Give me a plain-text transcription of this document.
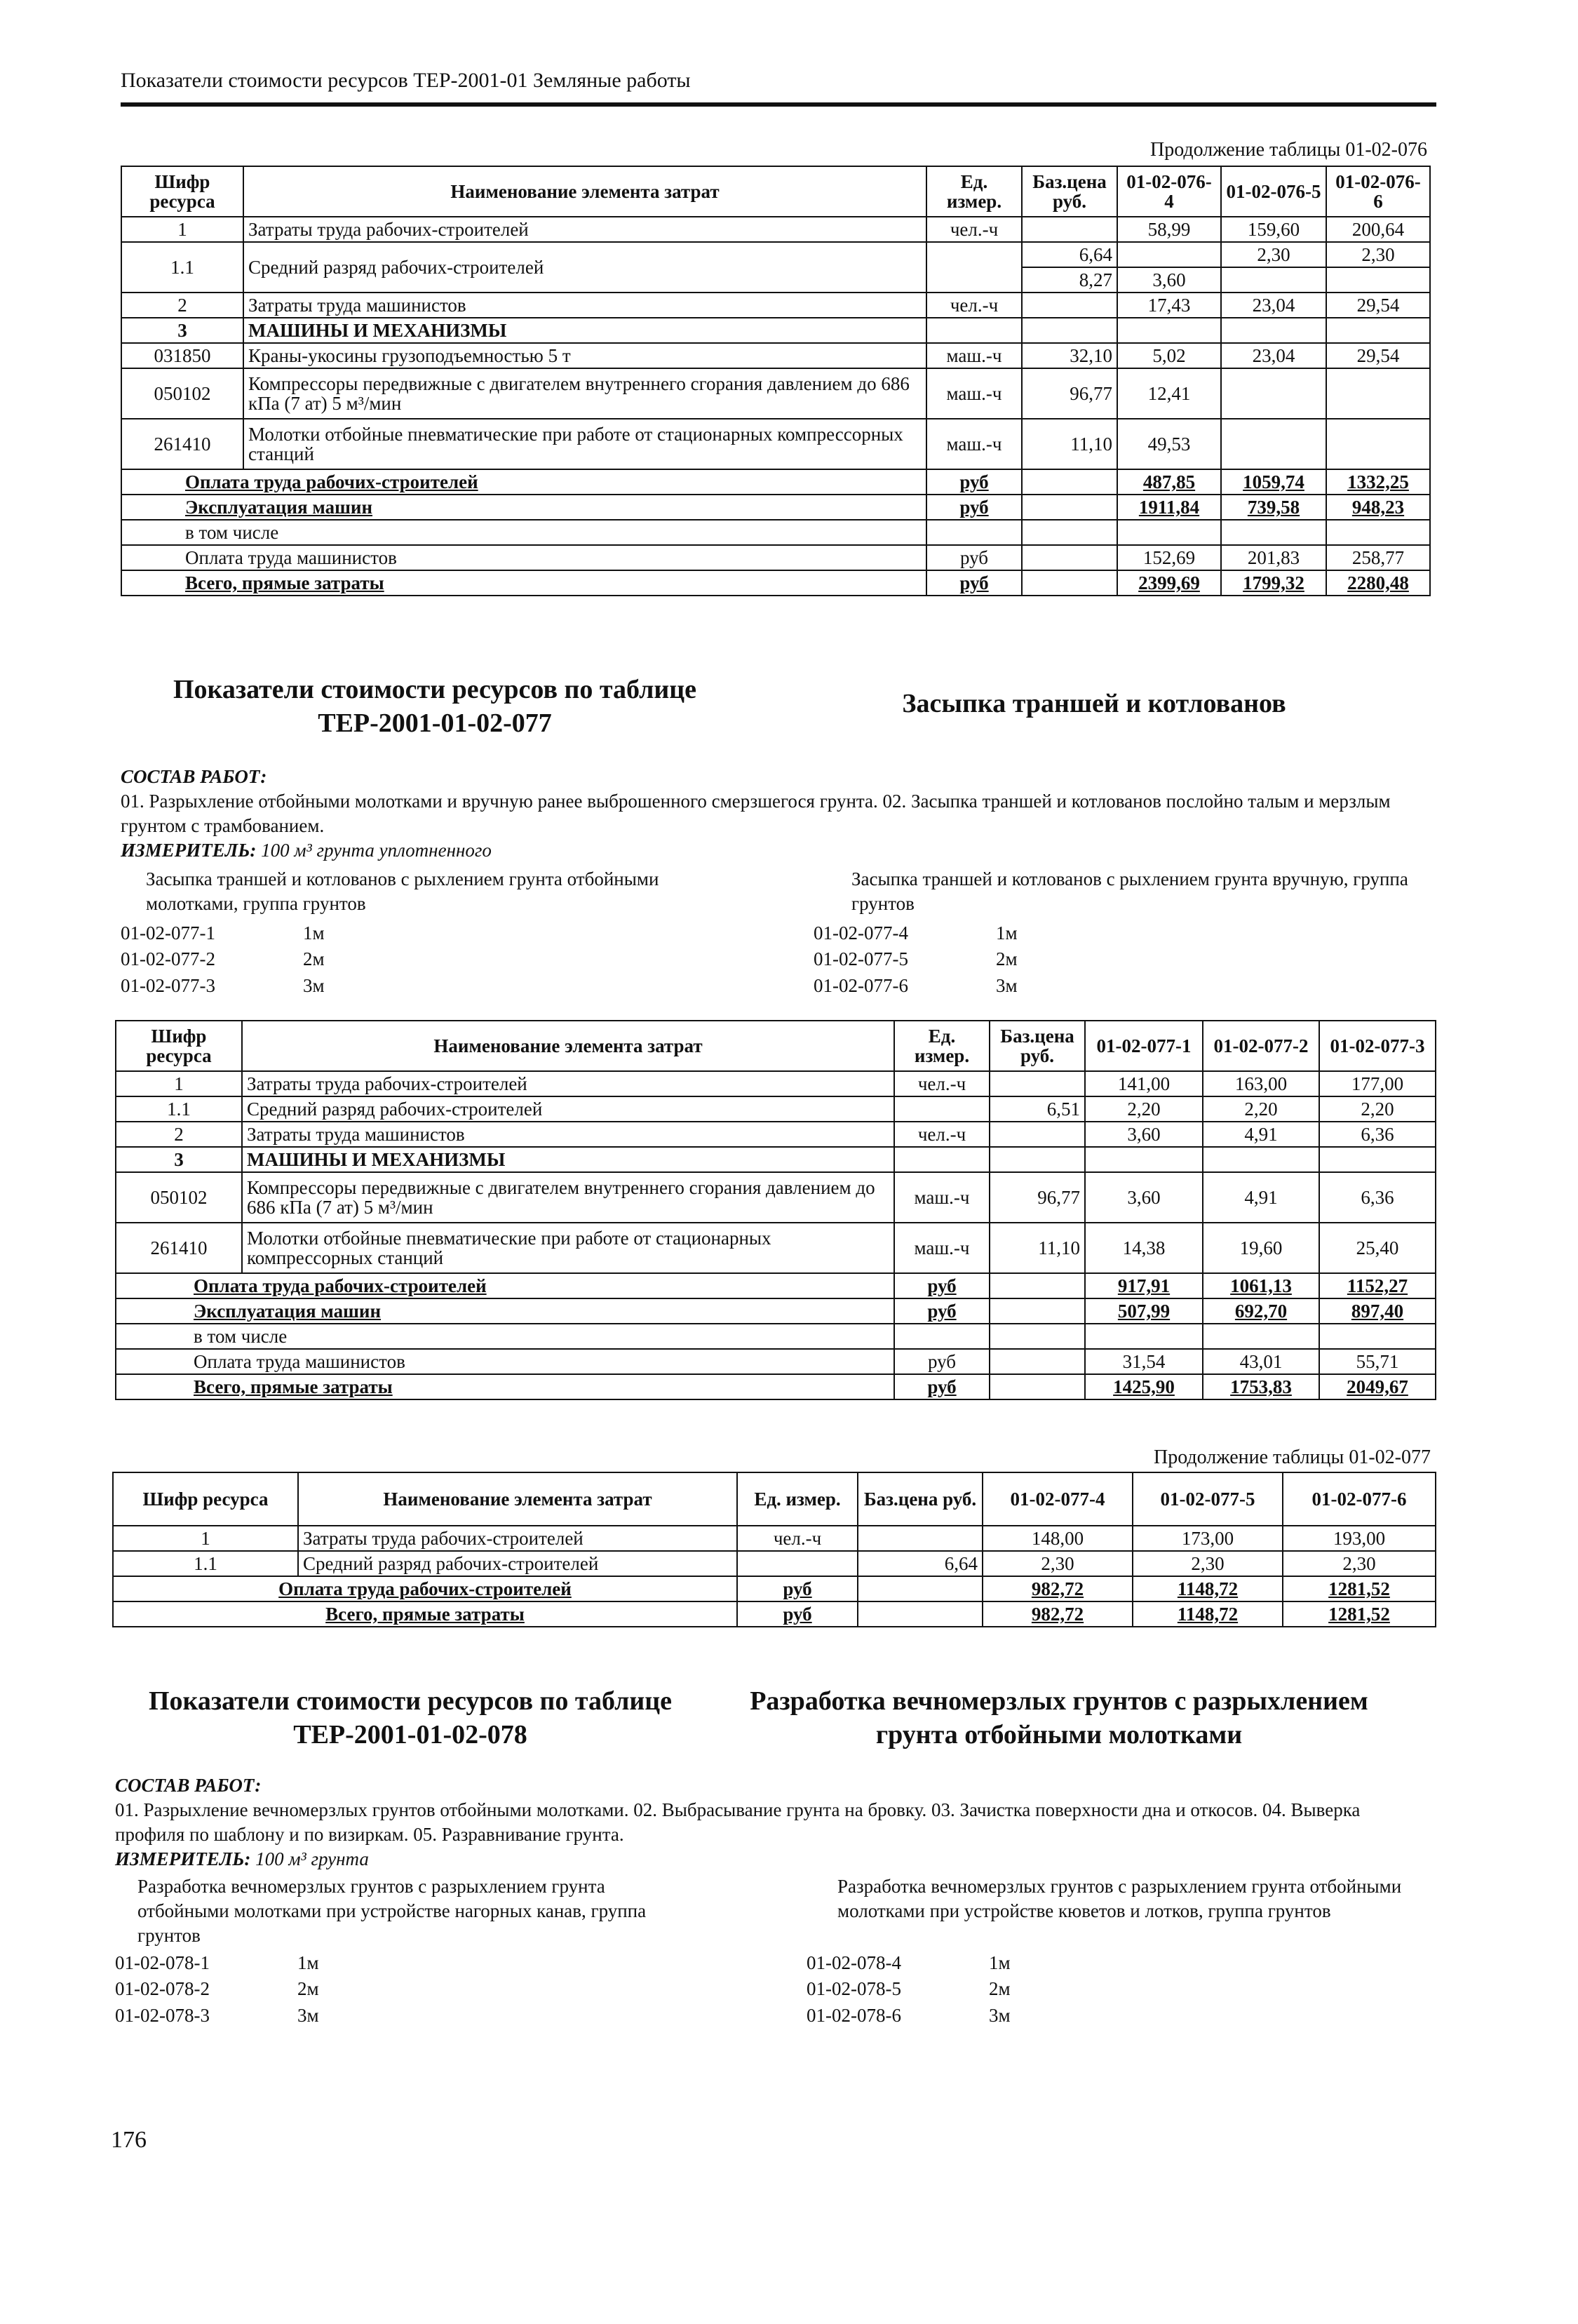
Показатели стоимости ресурсов ТЕР-2001-01 Земляные работы
Продолжение таблицы 01-02-076
Шифр ресурса	Наименование элемента затрат	Ед. измер.	Баз.цена руб.	01-02-076-4	01-02-076-5	01-02-076-6
1	Затраты труда рабочих-строителей	чел.-ч		58,99	159,60	200,64
1.1	Средний разряд рабочих-строителей		6,64		2,30	2,30
			8,27	3,60		
2	Затраты труда машинистов	чел.-ч		17,43	23,04	29,54
3	МАШИНЫ И МЕХАНИЗМЫ					
031850	Краны-укосины грузоподъемностью 5 т	маш.-ч	32,10	5,02	23,04	29,54
050102	Компрессоры передвижные с двигателем внутреннего сгорания давлением до 686 кПа (7 ат) 5 м³/мин	маш.-ч	96,77	12,41		
261410	Молотки отбойные пневматические при работе от стационарных компрессорных станций	маш.-ч	11,10	49,53		
Оплата труда рабочих-строителей		руб		487,85	1059,74	1332,25
Эксплуатация машин		руб		1911,84	739,58	948,23
в том числе						
Оплата труда машинистов		руб		152,69	201,83	258,77
Всего, прямые затраты		руб		2399,69	1799,32	2280,48
Показатели стоимости ресурсов по таблице ТЕР-2001-01-02-077
Засыпка траншей и котлованов
СОСТАВ РАБОТ:
01. Разрыхление отбойными молотками и вручную ранее выброшенного смерзшегося грунта. 02. Засыпка траншей и котлованов послойно талым и мерзлым грунтом с трамбованием.
ИЗМЕРИТЕЛЬ: 100 м³ грунта уплотненного
Засыпка траншей и котлованов с рыхлением грунта отбойными молотками, группа грунтов
Засыпка траншей и котлованов с рыхлением грунта вручную, группа грунтов
01-02-077-1	1м
01-02-077-2	2м
01-02-077-3	3м
01-02-077-4	1м
01-02-077-5	2м
01-02-077-6	3м
Шифр ресурса	Наименование элемента затрат	Ед. измер.	Баз.цена руб.	01-02-077-1	01-02-077-2	01-02-077-3
1	Затраты труда рабочих-строителей	чел.-ч		141,00	163,00	177,00
1.1	Средний разряд рабочих-строителей		6,51	2,20	2,20	2,20
2	Затраты труда машинистов	чел.-ч		3,60	4,91	6,36
3	МАШИНЫ И МЕХАНИЗМЫ					
050102	Компрессоры передвижные с двигателем внутреннего сгорания давлением до 686 кПа (7 ат) 5 м³/мин	маш.-ч	96,77	3,60	4,91	6,36
261410	Молотки отбойные пневматические при работе от стационарных компрессорных станций	маш.-ч	11,10	14,38	19,60	25,40
Оплата труда рабочих-строителей		руб		917,91	1061,13	1152,27
Эксплуатация машин		руб		507,99	692,70	897,40
в том числе						
Оплата труда машинистов		руб		31,54	43,01	55,71
Всего, прямые затраты		руб		1425,90	1753,83	2049,67
Продолжение таблицы 01-02-077
Шифр ресурса	Наименование элемента затрат	Ед. измер.	Баз.цена руб.	01-02-077-4	01-02-077-5	01-02-077-6
1	Затраты труда рабочих-строителей	чел.-ч		148,00	173,00	193,00
1.1	Средний разряд рабочих-строителей		6,64	2,30	2,30	2,30
Оплата труда рабочих-строителей		руб		982,72	1148,72	1281,52
Всего, прямые затраты		руб		982,72	1148,72	1281,52
Показатели стоимости ресурсов по таблице ТЕР-2001-01-02-078
Разработка вечномерзлых грунтов с разрыхлением грунта отбойными молотками
СОСТАВ РАБОТ:
01. Разрыхление вечномерзлых грунтов отбойными молотками. 02. Выбрасывание грунта на бровку. 03. Зачистка поверхности дна и откосов. 04. Выверка профиля по шаблону и по визиркам. 05. Разравнивание грунта.
ИЗМЕРИТЕЛЬ: 100 м³ грунта
Разработка вечномерзлых грунтов с разрыхлением грунта отбойными молотками при устройстве нагорных канав, группа грунтов
Разработка вечномерзлых грунтов с разрыхлением грунта отбойными молотками при устройстве кюветов и лотков, группа грунтов
01-02-078-1	1м
01-02-078-2	2м
01-02-078-3	3м
01-02-078-4	1м
01-02-078-5	2м
01-02-078-6	3м
176
